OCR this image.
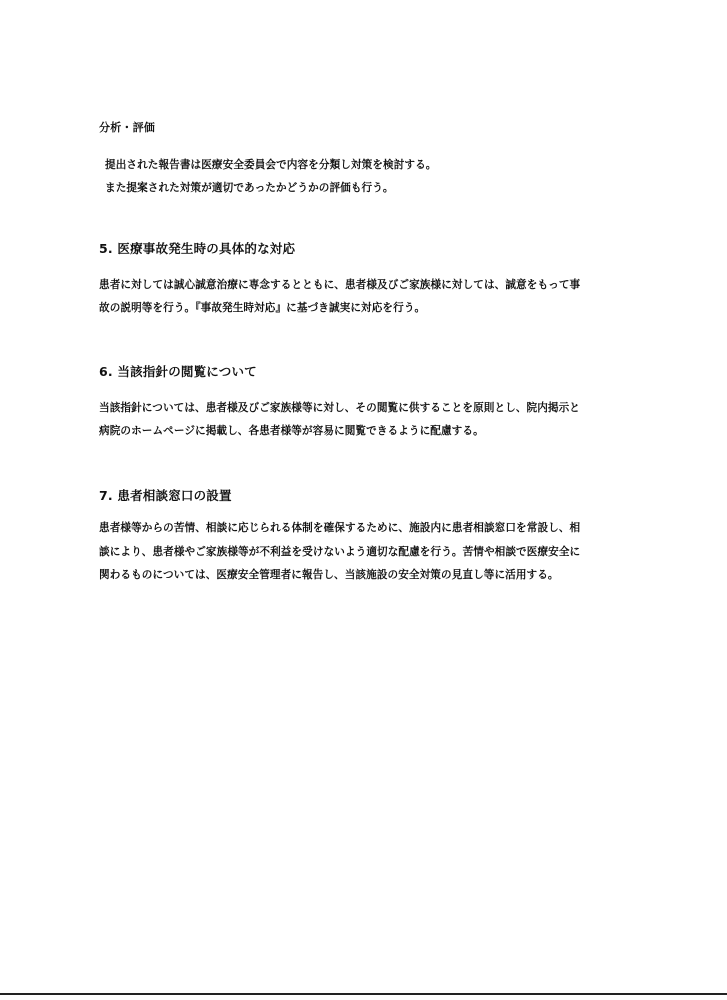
分析・評価
提出された報告書は医療安全委員会で内容を分類し対策を検討する。
また提案された対策が適切であったかどうかの評価も行う。
5. 医療事故発生時の具体的な対応
患者に対しては誠心誠意治療に専念するとともに、患者様及びご家族様に対しては、誠意をもって事
故の説明等を行う。『事故発生時対応』に基づき誠実に対応を行う。
6. 当該指針の閲覧について
当該指針については、患者様及びご家族様等に対し、その閲覧に供することを原則とし、院内掲示と
病院のホームページに掲載し、各患者様等が容易に閲覧できるように配慮する。
7. 患者相談窓口の設置
患者様等からの苦情、相談に応じられる体制を確保するために、施設内に患者相談窓口を常設し、相
談により、患者様やご家族様等が不利益を受けないよう適切な配慮を行う。苦情や相談で医療安全に
関わるものについては、医療安全管理者に報告し、当該施設の安全対策の見直し等に活用する。
